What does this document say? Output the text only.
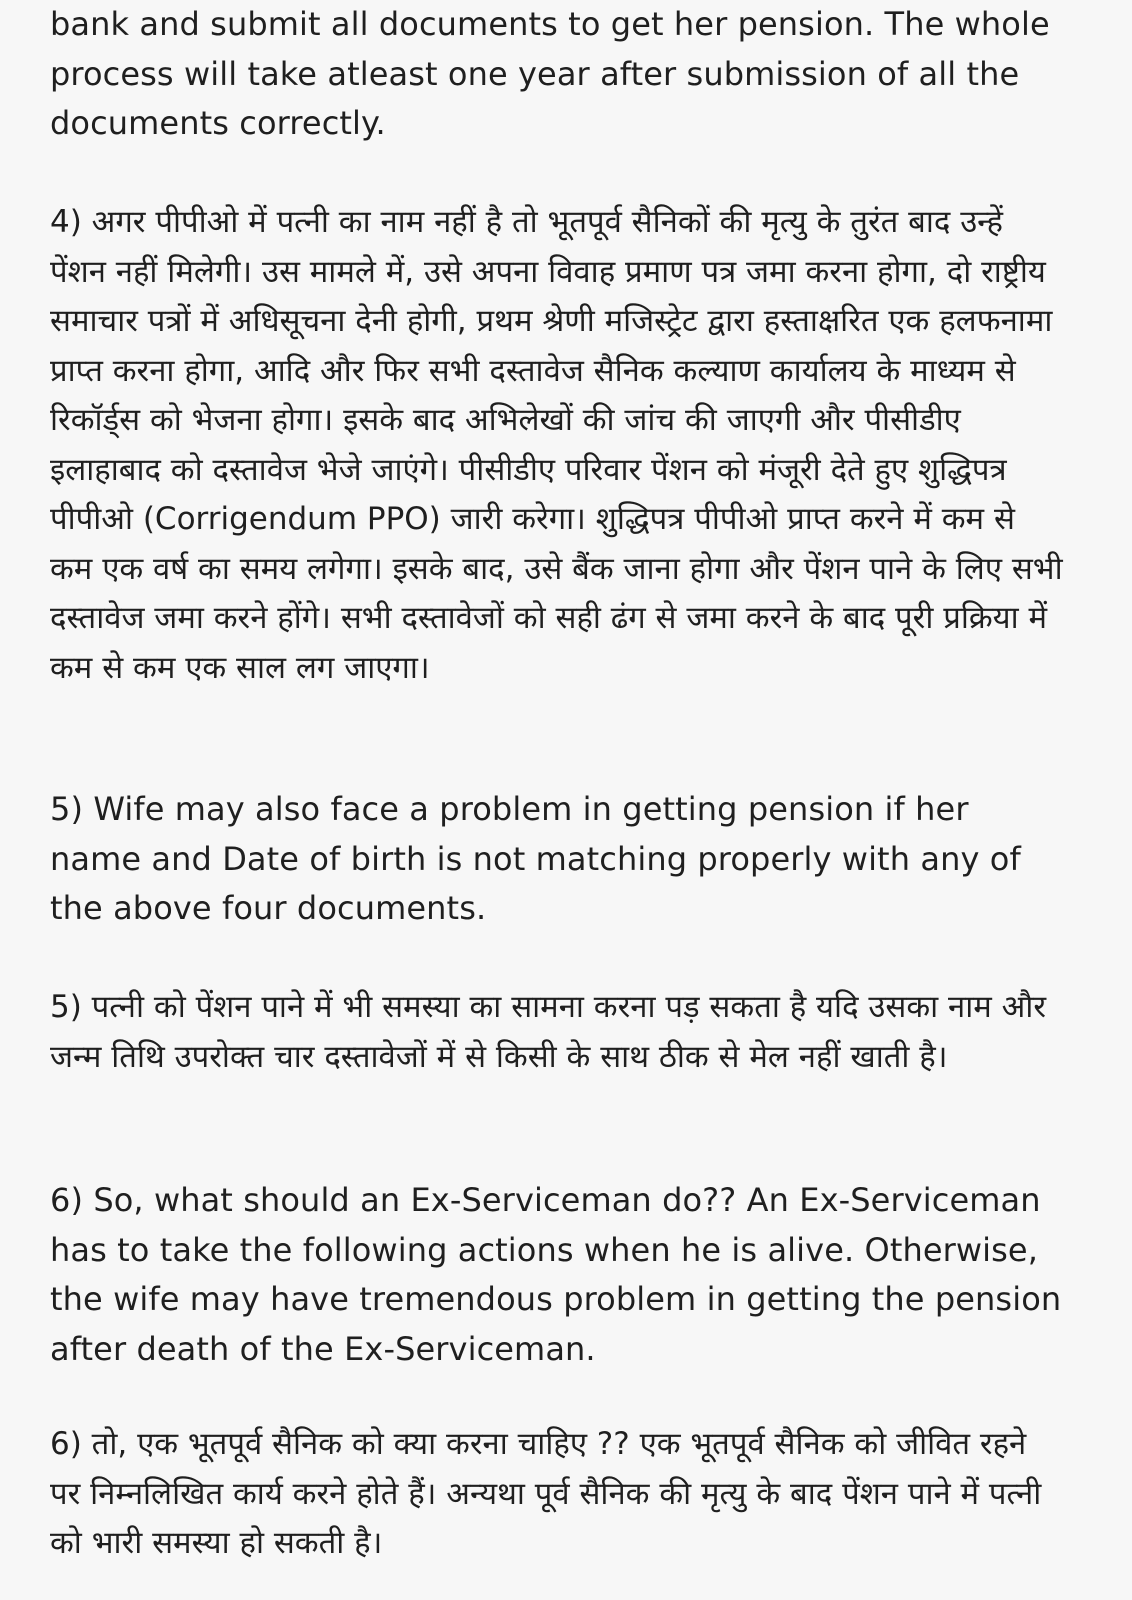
bank and submit all documents to get her pension. The whole process will take atleast one year after submission of all the documents correctly.

4) अगर पीपीओ में पत्नी का नाम नहीं है तो भूतपूर्व सैनिकों की मृत्यु के तुरंत बाद उन्हें पेंशन नहीं मिलेगी। उस मामले में, उसे अपना विवाह प्रमाण पत्र जमा करना होगा, दो राष्ट्रीय समाचार पत्रों में अधिसूचना देनी होगी, प्रथम श्रेणी मजिस्ट्रेट द्वारा हस्ताक्षरित एक हलफनामा प्राप्त करना होगा, आदि और फिर सभी दस्तावेज सैनिक कल्याण कार्यालय के माध्यम से रिकॉर्ड्स को भेजना होगा। इसके बाद अभिलेखों की जांच की जाएगी और पीसीडीए इलाहाबाद को दस्तावेज भेजे जाएंगे। पीसीडीए परिवार पेंशन को मंजूरी देते हुए शुद्धिपत्र पीपीओ (Corrigendum PPO) जारी करेगा। शुद्धिपत्र पीपीओ प्राप्त करने में कम से कम एक वर्ष का समय लगेगा। इसके बाद, उसे बैंक जाना होगा और पेंशन पाने के लिए सभी दस्तावेज जमा करने होंगे। सभी दस्तावेजों को सही ढंग से जमा करने के बाद पूरी प्रक्रिया में कम से कम एक साल लग जाएगा।

5) Wife may also face a problem in getting pension if her name and Date of birth is not matching properly with any of the above four documents.

5) पत्नी को पेंशन पाने में भी समस्या का सामना करना पड़ सकता है यदि उसका नाम और जन्म तिथि उपरोक्त चार दस्तावेजों में से किसी के साथ ठीक से मेल नहीं खाती है।

6) So, what should an Ex-Serviceman do?? An Ex-Serviceman has to take the following actions when he is alive. Otherwise, the wife may have tremendous problem in getting the pension after death of the Ex-Serviceman.

6) तो, एक भूतपूर्व सैनिक को क्या करना चाहिए ?? एक भूतपूर्व सैनिक को जीवित रहने पर निम्नलिखित कार्य करने होते हैं। अन्यथा पूर्व सैनिक की मृत्यु के बाद पेंशन पाने में पत्नी को भारी समस्या हो सकती है।
